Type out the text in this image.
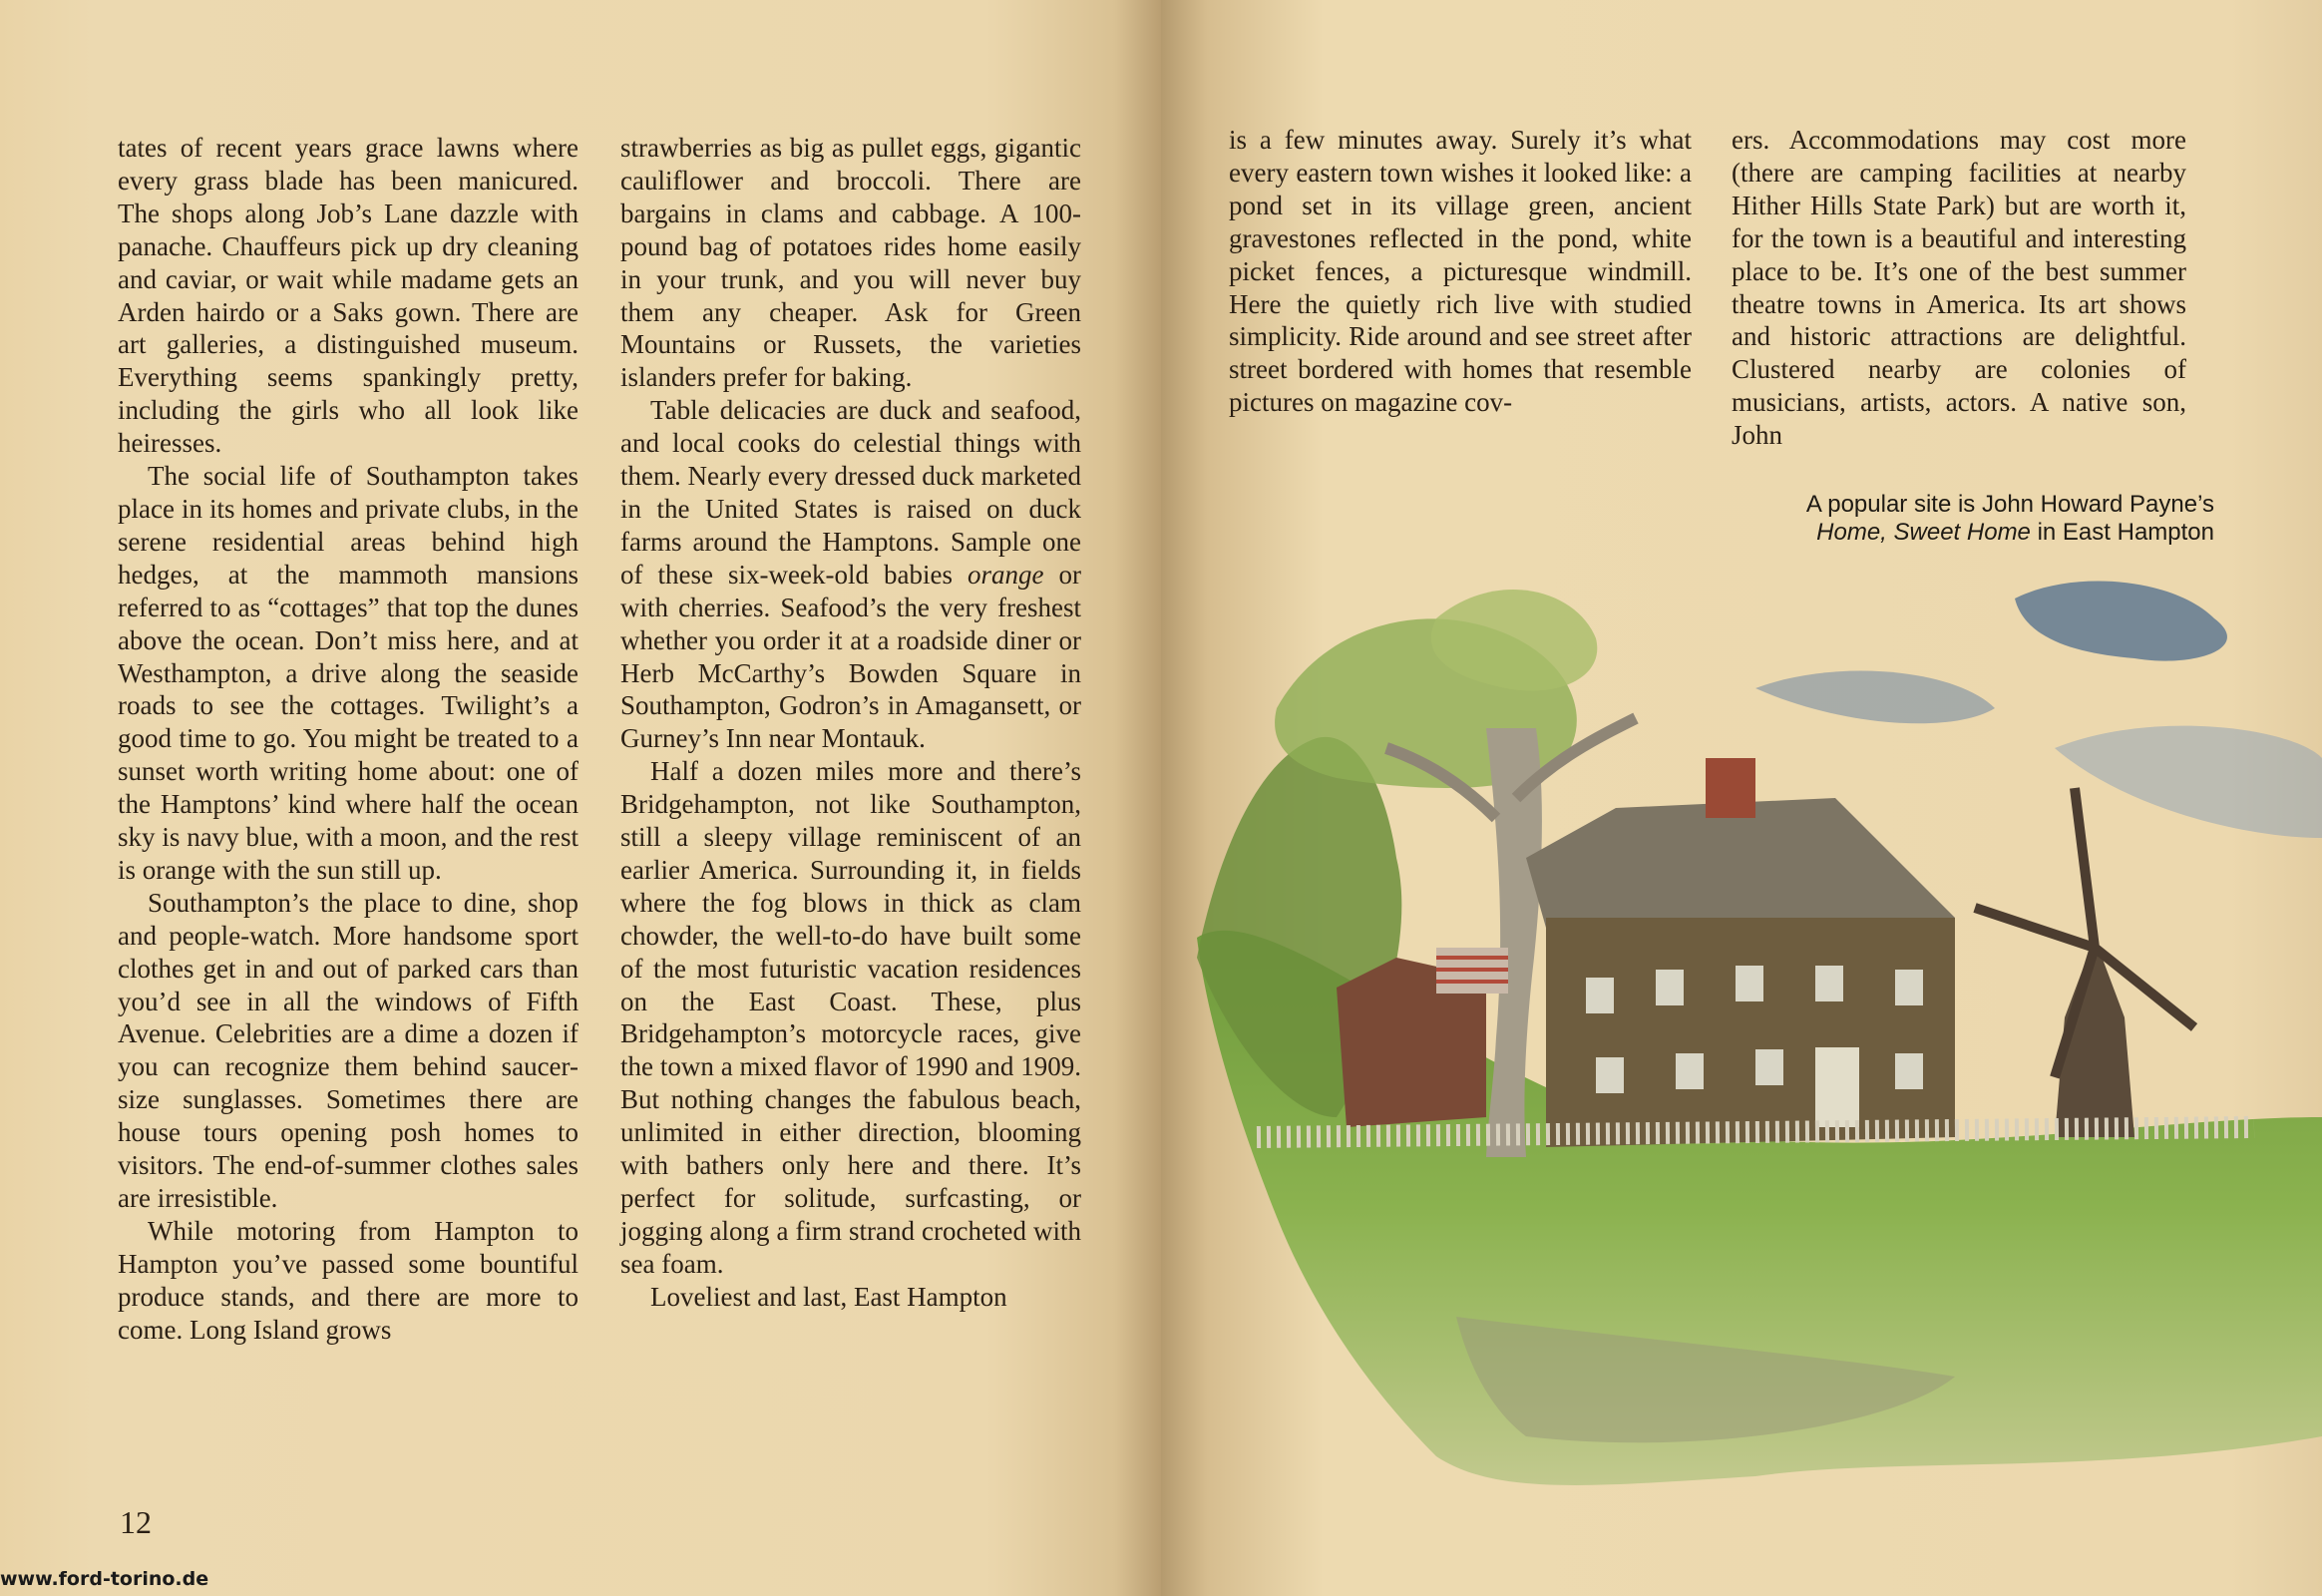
tates of recent years grace lawns where every grass blade has been manicured. The shops along Job’s Lane dazzle with panache. Chauffeurs pick up dry cleaning and caviar, or wait while madame gets an Arden hairdo or a Saks gown. There are art galleries, a distinguished museum. Everything seems spankingly pretty, including the girls who all look like heiresses.

The social life of Southampton takes place in its homes and private clubs, in the serene residential areas behind high hedges, at the mammoth mansions referred to as “cottages” that top the dunes above the ocean. Don’t miss here, and at Westhampton, a drive along the seaside roads to see the cottages. Twilight’s a good time to go. You might be treated to a sunset worth writing home about: one of the Hamptons’ kind where half the ocean sky is navy blue, with a moon, and the rest is orange with the sun still up.

Southampton’s the place to dine, shop and people-watch. More handsome sport clothes get in and out of parked cars than you’d see in all the windows of Fifth Avenue. Celebrities are a dime a dozen if you can recognize them behind saucer-size sunglasses. Sometimes there are house tours opening posh homes to visitors. The end-of-summer clothes sales are irresistible.

While motoring from Hampton to Hampton you’ve passed some bountiful produce stands, and there are more to come. Long Island grows

strawberries as big as pullet eggs, gigantic cauliflower and broccoli. There are bargains in clams and cabbage. A 100-pound bag of potatoes rides home easily in your trunk, and you will never buy them any cheaper. Ask for Green Mountains or Russets, the varieties islanders prefer for baking.

Table delicacies are duck and seafood, and local cooks do celestial things with them. Nearly every dressed duck marketed in the United States is raised on duck farms around the Hamptons. Sample one of these six-week-old babies orange or with cherries. Seafood’s the very freshest whether you order it at a roadside diner or Herb McCarthy’s Bowden Square in Southampton, Godron’s in Amagansett, or Gurney’s Inn near Montauk.

Half a dozen miles more and there’s Bridgehampton, not like Southampton, still a sleepy village reminiscent of an earlier America. Surrounding it, in fields where the fog blows in thick as clam chowder, the well-to-do have built some of the most futuristic vacation residences on the East Coast. These, plus Bridgehampton’s motorcycle races, give the town a mixed flavor of 1990 and 1909. But nothing changes the fabulous beach, unlimited in either direction, blooming with bathers only here and there. It’s perfect for solitude, surfcasting, or jogging along a firm strand crocheted with sea foam.

Loveliest and last, East Hampton

12
www.ford-torino.de

is a few minutes away. Surely it’s what every eastern town wishes it looked like: a pond set in its village green, ancient gravestones reflected in the pond, white picket fences, a picturesque windmill. Here the quietly rich live with studied simplicity. Ride around and see street after street bordered with homes that resemble pictures on magazine cov-

ers. Accommodations may cost more (there are camping facilities at nearby Hither Hills State Park) but are worth it, for the town is a beautiful and interesting place to be. It’s one of the best summer theatre towns in America. Its art shows and historic attractions are delightful. Clustered nearby are colonies of musicians, artists, actors. A native son, John

A popular site is John Howard Payne’s
Home, Sweet Home in East Hampton
